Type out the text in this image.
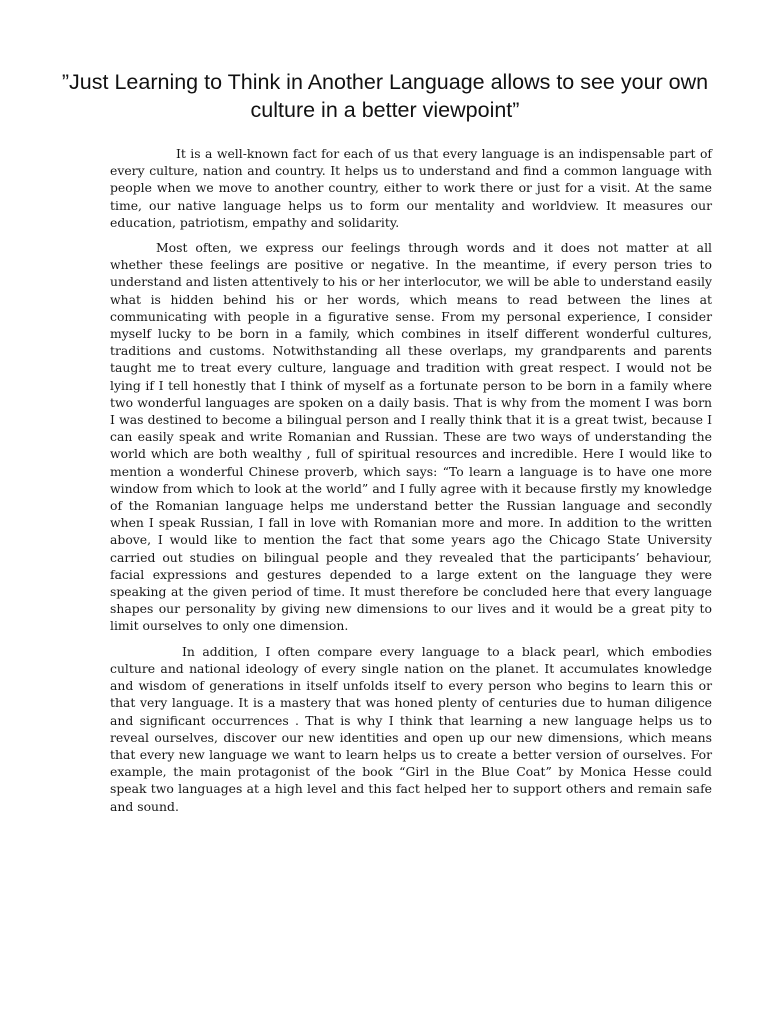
”Just Learning to Think in Another Language allows to see your own culture in a better viewpoint”

It is a well-known fact for each of us that every language is an indispensable part of every culture, nation and country. It helps us to understand and find a common language with people when we move to another country, either to work there or just for a visit. At the same time, our native language helps us to form our mentality and worldview. It measures our education, patriotism, empathy and solidarity.

Most often, we express our feelings through words and it does not matter at all whether these feelings are positive or negative. In the meantime, if every person tries to understand and listen attentively to his or her interlocutor, we will be able to understand easily what is hidden behind his or her words, which means to read between the lines at communicating with people in a figurative sense. From my personal experience, I consider myself lucky to be born in a family, which combines in itself different wonderful cultures, traditions and customs. Notwithstanding all these overlaps, my grandparents and parents taught me to treat every culture, language and tradition with great respect. I would not be lying if I tell honestly that I think of myself as a fortunate person to be born in a family where two wonderful languages are spoken on a daily basis. That is why from the moment I was born I was destined to become a bilingual person and I really think that it is a great twist, because I can easily speak and write Romanian and Russian. These are two ways of understanding the world which are both wealthy , full of spiritual resources and incredible. Here I would like to mention a wonderful Chinese proverb, which says: “To learn a language is to have one more window from which to look at the world” and I fully agree with it because firstly my knowledge of the Romanian language helps me understand better the Russian language and secondly when I speak Russian, I fall in love with Romanian more and more. In addition to the written above, I would like to mention the fact that some years ago the Chicago State University carried out studies on bilingual people and they revealed that the participants’ behaviour, facial expressions and gestures depended to a large extent on the language they were speaking at the given period of time. It must therefore be concluded here that every language shapes our personality by giving new dimensions to our lives and it would be a great pity to limit ourselves to only one dimension.

In addition, I often compare every language to a black pearl, which embodies culture and national ideology of every single nation on the planet. It accumulates knowledge and wisdom of generations in itself unfolds itself to every person who begins to learn this or that very language. It is a mastery that was honed plenty of centuries due to human diligence and significant occurrences . That is why I think that learning a new language helps us to reveal ourselves, discover our new identities and open up our new dimensions, which means that every new language we want to learn helps us to create a better version of ourselves. For example, the main protagonist of the book “Girl in the Blue Coat” by Monica Hesse could speak two languages at a high level and this fact helped her to support others and remain safe and sound.
